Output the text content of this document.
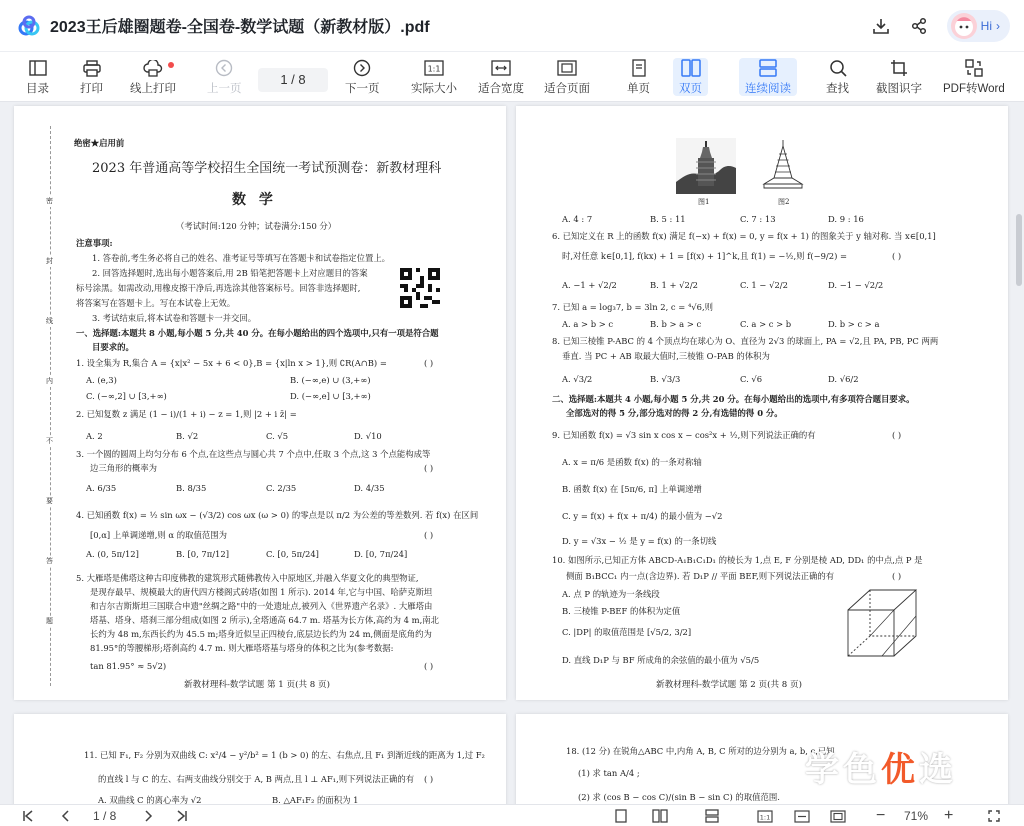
2023王后雄圈题卷-全国卷-数学试题（新教材版）.pdf	Hi ›
目录	打印 线上打印	上一页	下一页
1:1
实际大小 适合宽度 适合页面	单页	双页	连续阅读	查找 截图识字 PDF转Word
1 / 8
密
封
线
内
不
要
答
题
绝密★启用前
2023 年普通高等学校招生全国统一考试预测卷：新教材理科
数 学
（考试时间:120 分钟；试卷满分:150 分）
注意事项:
1. 答卷前,考生务必将自己的姓名、准考证号等填写在答题卡和试卷指定位置上。
2. 回答选择题时,选出每小题答案后,用 2B 铅笔把答题卡上对应题目的答案
标号涂黑。如需改动,用橡皮擦干净后,再选涂其他答案标号。回答非选择题时,
将答案写在答题卡上。写在本试卷上无效。
3. 考试结束后,将本试卷和答题卡一并交回。
一、选择题:本题共 8 小题,每小题 5 分,共 40 分。在每小题给出的四个选项中,只有一项是符合题
目要求的。
1. 设全集为 R,集合 A = {x|x² − 5x + 6 < 0},B = {x|ln x > 1},则 ∁R(A∩B) =	( )
A. (e,3)	B. (−∞,e) ∪ (3,+∞)
C. (−∞,2] ∪ [3,+∞)	D. (−∞,e] ∪ [3,+∞)
2. 已知复数 z 满足 (1 − i)/(1 + i) − z = 1,则 |2 + i z̄| =
A. 2	B. √2	C. √5	D. √10
3. 一个圆的圆周上均匀分布 6 个点,在这些点与圆心共 7 个点中,任取 3 个点,这 3 个点能构成等
边三角形的概率为	( )
A. 6/35	B. 8/35	C. 2/35	D. 4/35
4. 已知函数 f(x) = ½ sin ωx − (√3/2) cos ωx (ω > 0) 的零点是以 π/2 为公差的等差数列. 若 f(x) 在区间
[0,α] 上单调递增,则 α 的取值范围为	( )
A. (0, 5π/12]	B. [0, 7π/12]	C. [0, 5π/24]	D. [0, 7π/24]
5. 大雁塔是佛塔这种古印度佛教的建筑形式随佛教传入中原地区,并融入华夏文化的典型物证,
是现存最早、规模最大的唐代四方楼阁式砖塔(如图 1 所示). 2014 年,它与中国、哈萨克斯坦
和吉尔吉斯斯坦三国联合申遗"丝绸之路"中的一处遗址点,被列入《世界遗产名录》. 大雁塔由
塔基、塔身、塔刹三部分组成(如图 2 所示),全塔通高 64.7 m. 塔基为长方体,高约为 4 m,南北
长约为 48 m,东西长约为 45.5 m;塔身近似呈正四棱台,底层边长约为 24 m,侧面是底角约为
81.95°的等腰梯形;塔刹高约 4.7 m. 则大雁塔塔基与塔身的体积之比为(参考数据:
tan 81.95° ≈ 5√2)	( )
新教材理科-数学试题 第 1 页(共 8 页)
图1	图2
A. 4 : 7	B. 5 : 11	C. 7 : 13	D. 9 : 16
6. 已知定义在 R 上的函数 f(x) 满足 f(−x) + f(x) = 0, y = f(x + 1) 的图象关于 y 轴对称. 当 x∈[0,1]
时,对任意 k∈[0,1], f(kx) + 1 = [f(x) + 1]^k,且 f(1) = −½,则 f(−9/2) =	( )
A. −1 + √2/2	B. 1 + √2/2	C. 1 − √2/2	D. −1 − √2/2
7. 已知 a = log₃7, b = 3ln 2, c = ⁴√6,则
A. a > b > c	B. b > a > c	C. a > c > b	D. b > c > a
8. 已知三棱锥 P-ABC 的 4 个顶点均在球心为 O、直径为 2√3 的球面上, PA = √2,且 PA, PB, PC 两两
垂直. 当 PC + AB 取最大值时,三棱锥 O-PAB 的体积为
A. √3/2	B. √3/3	C. √6	D. √6/2
二、选择题:本题共 4 小题,每小题 5 分,共 20 分。在每小题给出的选项中,有多项符合题目要求。
全部选对的得 5 分,部分选对的得 2 分,有选错的得 0 分。
9. 已知函数 f(x) = √3 sin x cos x − cos²x + ½,则下列说法正确的有	( )
A. x = π/6 是函数 f(x) 的一条对称轴
B. 函数 f(x) 在 [5π/6, π] 上单调递增
C. y = f(x) + f(x + π/4) 的最小值为 −√2
D. y = √3x − ½ 是 y = f(x) 的一条切线
10. 如图所示,已知正方体 ABCD-A₁B₁C₁D₁ 的棱长为 1,点 E, F 分别是棱 AD, DD₁ 的中点,点 P 是
侧面 B₁BCC₁ 内一点(含边界). 若 D₁P // 平面 BEF,则下列说法正确的有	( )
A. 点 P 的轨迹为一条线段
B. 三棱锥 P-BEF 的体积为定值
C. |DP| 的取值范围是 [√5/2, 3/2]
D. 直线 D₁P 与 BF 所成角的余弦值的最小值为 √5/5
新教材理科-数学试题 第 2 页(共 8 页)
11. 已知 F₁, F₂ 分别为双曲线 C: x²/4 − y²/b² = 1 (b > 0) 的左、右焦点,且 F₁ 到渐近线的距离为 1,过 F₂
的直线 l 与 C 的左、右两支曲线分别交于 A, B 两点,且 l ⊥ AF₁,则下列说法正确的有 ( )
A. 双曲线 C 的离心率为 √2	B. △AF₁F₂ 的面积为 1
18. (12 分) 在锐角△ABC 中,内角 A, B, C 所对的边分别为 a, b, c,已知
(1) 求 tan A/4 ;
(2) 求 (cos B − cos C)/(sin B − sin C) 的取值范围.
学色优选
1 / 8	1:1	− 71% +
